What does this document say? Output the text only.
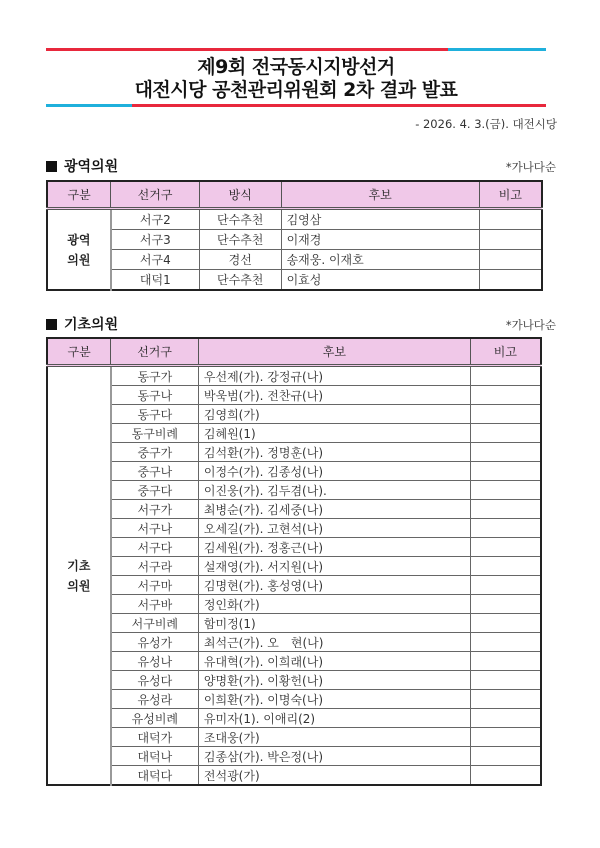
제9회 전국동시지방선거
대전시당 공천관리위원회 2차 결과 발표
- 2026. 4. 3.(금). 대전시당
광역의원	*가나다순
구분	선거구	방식	후보	비고
광역
의원	서구2	단수추천	김영삼	
	서구3	단수추천	이재경	
	서구4	경선	송재웅. 이재호	
	대덕1	단수추천	이효성	
기초의원	*가나다순
구분	선거구	후보	비고
기초
의원	동구가	우선제(가). 강정규(나)	
	동구나	박욱범(가). 전찬규(나)	
	동구다	김영희(가)	
	동구비례	김혜원(1)	
	중구가	김석환(가). 정명훈(나)	
	중구나	이정수(가). 김종성(나)	
	중구다	이진웅(가). 김두겸(나).	
	서구가	최병순(가). 김세중(나)	
	서구나	오세길(가). 고현석(나)	
	서구다	김세원(가). 정홍근(나)	
	서구라	설재영(가). 서지원(나)	
	서구마	김명현(가). 홍성영(나)	
	서구바	정인화(가)	
	서구비례	함미정(1)	
	유성가	최석근(가). 오　현(나)	
	유성나	유대혁(가). 이희래(나)	
	유성다	양명환(가). 이황헌(나)	
	유성라	이희환(가). 이명숙(나)	
	유성비례	유미자(1). 이애리(2)	
	대덕가	조대웅(가)	
	대덕나	김종삼(가). 박은정(나)	
	대덕다	전석광(가)	
